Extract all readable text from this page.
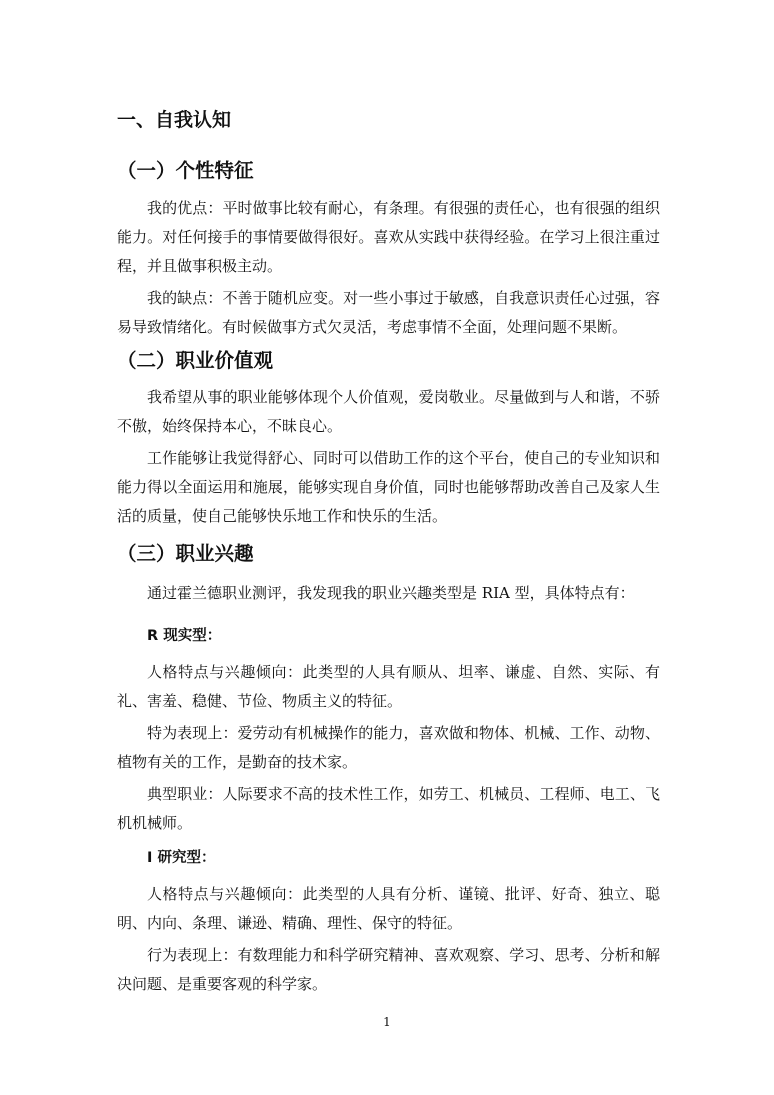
一、自我认知
（一）个性特征

我的优点：平时做事比较有耐心，有条理。有很强的责任心，也有很强的组织能力。对任何接手的事情要做得很好。喜欢从实践中获得经验。在学习上很注重过程，并且做事积极主动。

我的缺点：不善于随机应变。对一些小事过于敏感，自我意识责任心过强，容易导致情绪化。有时候做事方式欠灵活，考虑事情不全面，处理问题不果断。

（二）职业价值观

我希望从事的职业能够体现个人价值观，爱岗敬业。尽量做到与人和谐，不骄不傲，始终保持本心，不昧良心。

工作能够让我觉得舒心、同时可以借助工作的这个平台，使自己的专业知识和能力得以全面运用和施展，能够实现自身价值，同时也能够帮助改善自己及家人生活的质量，使自己能够快乐地工作和快乐的生活。

（三）职业兴趣

通过霍兰德职业测评，我发现我的职业兴趣类型是 RIA 型，具体特点有：

R 现实型：

人格特点与兴趣倾向：此类型的人具有顺从、坦率、谦虚、自然、实际、有礼、害羞、稳健、节俭、物质主义的特征。

特为表现上：爱劳动有机械操作的能力，喜欢做和物体、机械、工作、动物、植物有关的工作，是勤奋的技术家。

典型职业：人际要求不高的技术性工作，如劳工、机械员、工程师、电工、飞机机械师。

I 研究型：

人格特点与兴趣倾向：此类型的人具有分析、谨镜、批评、好奇、独立、聪明、内向、条理、谦逊、精确、理性、保守的特征。

行为表现上：有数理能力和科学研究精神、喜欢观察、学习、思考、分析和解决问题、是重要客观的科学家。

1
